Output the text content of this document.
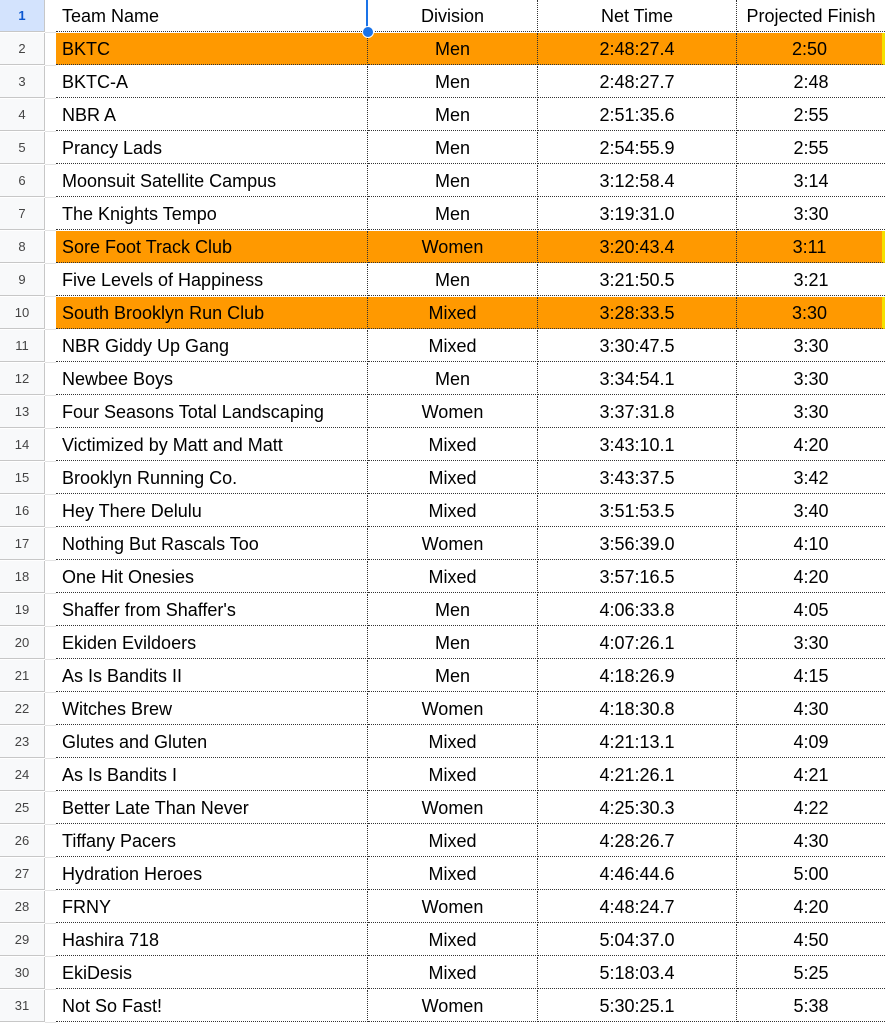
1	Team Name	Division	Net Time	Projected Finish
2	BKTC	Men	2:48:27.4	2:50
3	BKTC-A	Men	2:48:27.7	2:48
4	NBR A	Men	2:51:35.6	2:55
5	Prancy Lads	Men	2:54:55.9	2:55
6	Moonsuit Satellite Campus	Men	3:12:58.4	3:14
7	The Knights Tempo	Men	3:19:31.0	3:30
8	Sore Foot Track Club	Women	3:20:43.4	3:11
9	Five Levels of Happiness	Men	3:21:50.5	3:21
10	South Brooklyn Run Club	Mixed	3:28:33.5	3:30
11	NBR Giddy Up Gang	Mixed	3:30:47.5	3:30
12	Newbee Boys	Men	3:34:54.1	3:30
13	Four Seasons Total Landscaping	Women	3:37:31.8	3:30
14	Victimized by Matt and Matt	Mixed	3:43:10.1	4:20
15	Brooklyn Running Co.	Mixed	3:43:37.5	3:42
16	Hey There Delulu	Mixed	3:51:53.5	3:40
17	Nothing But Rascals Too	Women	3:56:39.0	4:10
18	One Hit Onesies	Mixed	3:57:16.5	4:20
19	Shaffer from Shaffer's	Men	4:06:33.8	4:05
20	Ekiden Evildoers	Men	4:07:26.1	3:30
21	As Is Bandits II	Men	4:18:26.9	4:15
22	Witches Brew	Women	4:18:30.8	4:30
23	Glutes and Gluten	Mixed	4:21:13.1	4:09
24	As Is Bandits I	Mixed	4:21:26.1	4:21
25	Better Late Than Never	Women	4:25:30.3	4:22
26	Tiffany Pacers	Mixed	4:28:26.7	4:30
27	Hydration Heroes	Mixed	4:46:44.6	5:00
28	FRNY	Women	4:48:24.7	4:20
29	Hashira 718	Mixed	5:04:37.0	4:50
30	EkiDesis	Mixed	5:18:03.4	5:25
31	Not So Fast!	Women	5:30:25.1	5:38
